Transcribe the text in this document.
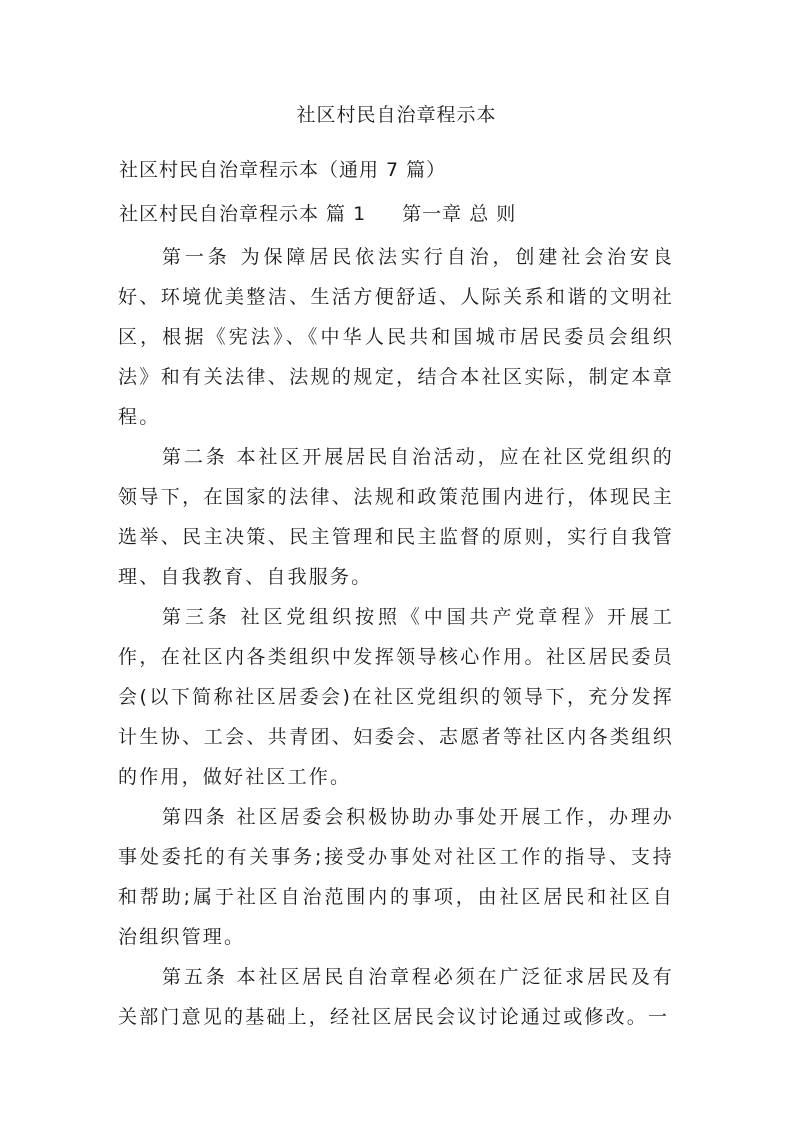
社区村民自治章程示本
社区村民自治章程示本（通用 7 篇）
社区村民自治章程示本 篇 1 第一章 总 则

第一条 为保障居民依法实行自治，创建社会治安良好、环境优美整洁、生活方便舒适、人际关系和谐的文明社区，根据《宪法》、《中华人民共和国城市居民委员会组织法》和有关法律、法规的规定，结合本社区实际，制定本章程。

第二条 本社区开展居民自治活动，应在社区党组织的领导下，在国家的法律、法规和政策范围内进行，体现民主选举、民主决策、民主管理和民主监督的原则，实行自我管理、自我教育、自我服务。

第三条 社区党组织按照《中国共产党章程》开展工作，在社区内各类组织中发挥领导核心作用。社区居民委员会(以下简称社区居委会)在社区党组织的领导下，充分发挥计生协、工会、共青团、妇委会、志愿者等社区内各类组织的作用，做好社区工作。

第四条 社区居委会积极协助办事处开展工作，办理办事处委托的有关事务;接受办事处对社区工作的指导、支持和帮助;属于社区自治范围内的事项，由社区居民和社区自治组织管理。

第五条 本社区居民自治章程必须在广泛征求居民及有关部门意见的基础上，经社区居民会议讨论通过或修改。一
